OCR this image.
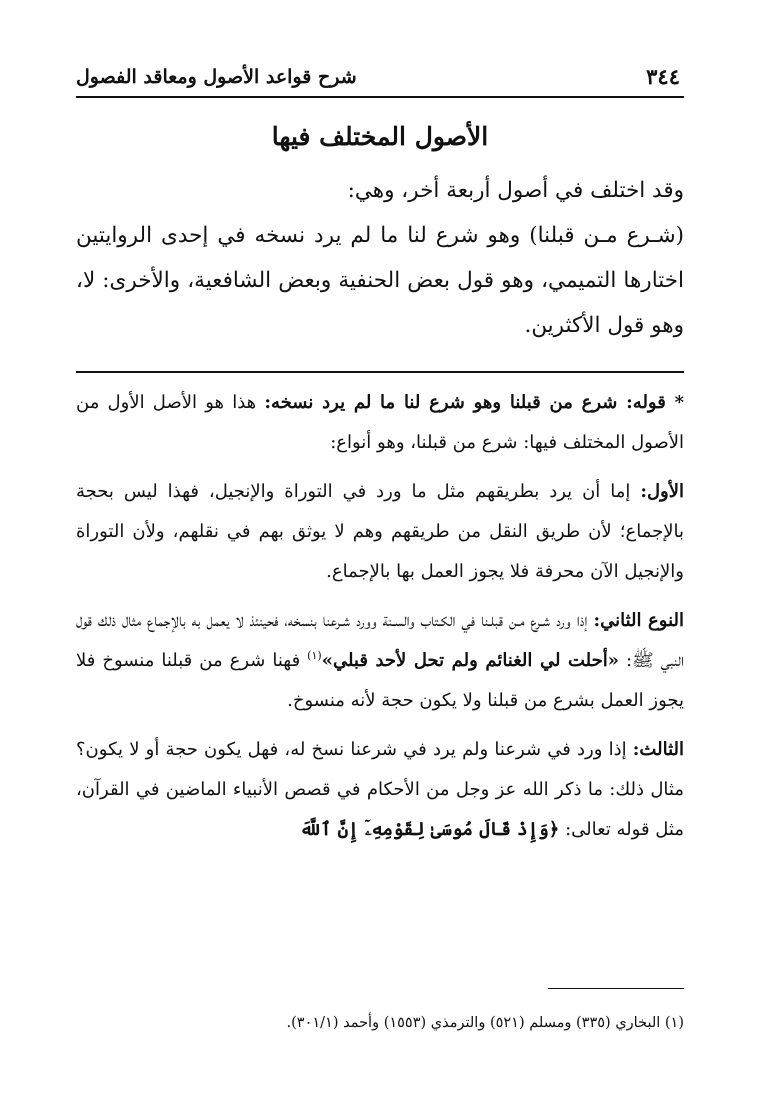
٣٤٤
شرح قواعد الأصول ومعاقد الفصول
الأصول المختلف فيها

وقد اختلف في أصول أربعة أخر، وهي:

(شـرع مـن قبلنا) وهو شرع لنا ما لم يرد نسخه في إحدى الروايتين اختارها التميمي، وهو قول بعض الحنفية وبعض الشافعية، والأخرى: لا، وهو قول الأكثرين.

* قوله: شرع من قبلنا وهو شرع لنا ما لم يرد نسخه: هذا هو الأصل الأول من الأصول المختلف فيها: شرع من قبلنا، وهو أنواع:

الأول: إما أن يرد بطريقهم مثل ما ورد في التوراة والإنجيل، فهذا ليس بحجة بالإجماع؛ لأن طريق النقل من طريقهم وهم لا يوثق بهم في نقلهم، ولأن التوراة والإنجيل الآن محرفة فلا يجوز العمل بها بالإجماع.

النوع الثاني: إذا ورد شـرع مـن قبلـنا في الكـتاب والسـنة وورد شـرعنا بنسخه، فحينئذ لا يعمل به بالإجماع مثال ذلك قول النبي ﷺ: «أحلت لي الغنائم ولم تحل لأحد قبلي»$^{(١)}$ فهنا شرع من قبلنا منسوخ فلا يجوز العمل بشرع من قبلنا ولا يكون حجة لأنه منسوخ.

الثالث: إذا ورد في شرعنا ولم يرد في شرعنا نسخ له، فهل يكون حجة أو لا يكون؟ مثال ذلك: ما ذكر الله عز وجل من الأحكام في قصص الأنبياء الماضين في القرآن، مثل قوله تعالى: ﴿وَإِذْ قَالَ مُوسَىٰ لِقَوْمِهِۦٓ إِنَّ ٱللَّهَ

(١) البخاري (٣٣٥) ومسلم (٥٢١) والترمذي (١٥٥٣) وأحمد (٣٠١/١).
